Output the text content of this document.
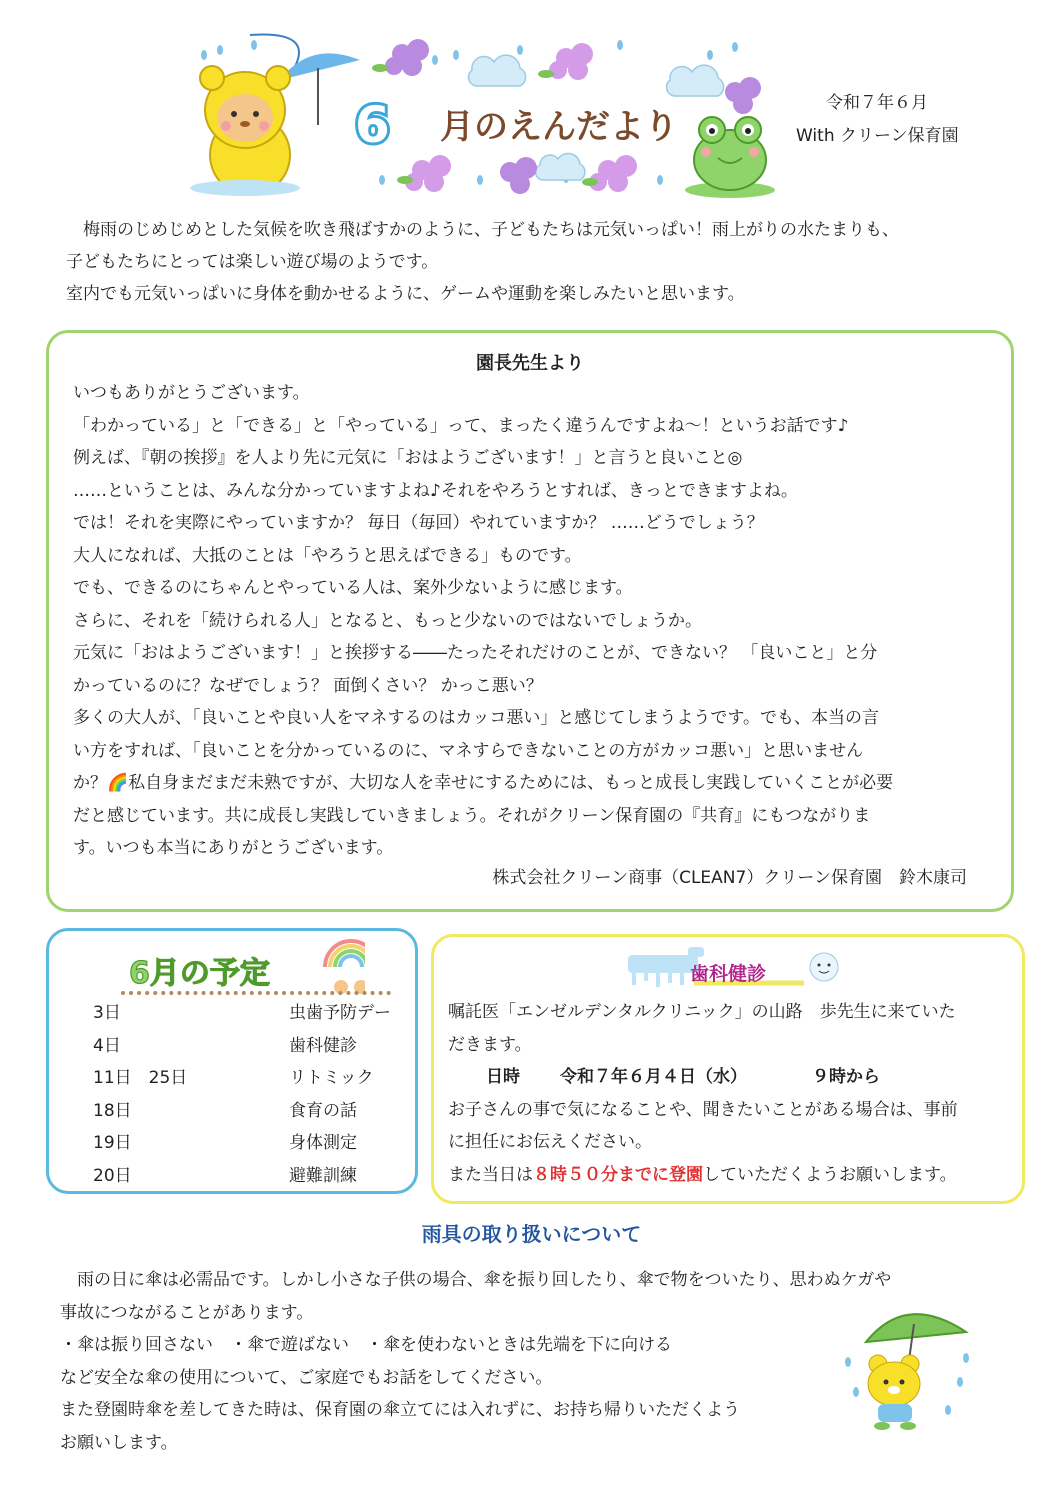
6 月のえんだより
令和７年６月
With クリーン保育園

　梅雨のじめじめとした気候を吹き飛ばすかのように、子どもたちは元気いっぱい！雨上がりの水たまりも、

子どもたちにとっては楽しい遊び場のようです。

室内でも元気いっぱいに身体を動かせるように、ゲームや運動を楽しみたいと思います。

園長先生より

いつもありがとうございます。

「わかっている」と「できる」と「やっている」って、まったく違うんですよね～！というお話です♪

例えば、『朝の挨拶』を人より先に元気に「おはようございます！」と言うと良いこと◎

……ということは、みんな分かっていますよね♪それをやろうとすれば、きっとできますよね。

では！それを実際にやっていますか？ 毎日（毎回）やれていますか？ ……どうでしょう？

大人になれば、大抵のことは「やろうと思えばできる」ものです。

でも、できるのにちゃんとやっている人は、案外少ないように感じます。

さらに、それを「続けられる人」となると、もっと少ないのではないでしょうか。

元気に「おはようございます！」と挨拶する――たったそれだけのことが、できない？ 「良いこと」と分

かっているのに？なぜでしょう？ 面倒くさい？ かっこ悪い？

多くの大人が、「良いことや良い人をマネするのはカッコ悪い」と感じてしまうようです。でも、本当の言

い方をすれば、「良いことを分かっているのに、マネすらできないことの方がカッコ悪い」と思いません

か？🌈私自身まだまだ未熟ですが、大切な人を幸せにするためには、もっと成長し実践していくことが必要

だと感じています。共に成長し実践していきましょう。それがクリーン保育園の『共育』にもつながりま

す。いつも本当にありがとうございます。

株式会社クリーン商事（CLEAN7）クリーン保育園　鈴木康司
6月の予定
3日	虫歯予防デー
4日	歯科健診
11日　25日	リトミック
18日	食育の話
19日	身体測定
20日	避難訓練
歯科健診

嘱託医「エンゼルデンタルクリニック」の山路　歩先生に来ていた

だきます。

日時 令和７年６月４日（水）	９時から

お子さんの事で気になることや、聞きたいことがある場合は、事前

に担任にお伝えください。

また当日は８時５０分までに登園していただくようお願いします。

雨具の取り扱いについて

　雨の日に傘は必需品です。しかし小さな子供の場合、傘を振り回したり、傘で物をついたり、思わぬケガや

事故につながることがあります。

・傘は振り回さない　・傘で遊ばない　・傘を使わないときは先端を下に向ける

など安全な傘の使用について、ご家庭でもお話をしてください。

また登園時傘を差してきた時は、保育園の傘立てには入れずに、お持ち帰りいただくよう

お願いします。
